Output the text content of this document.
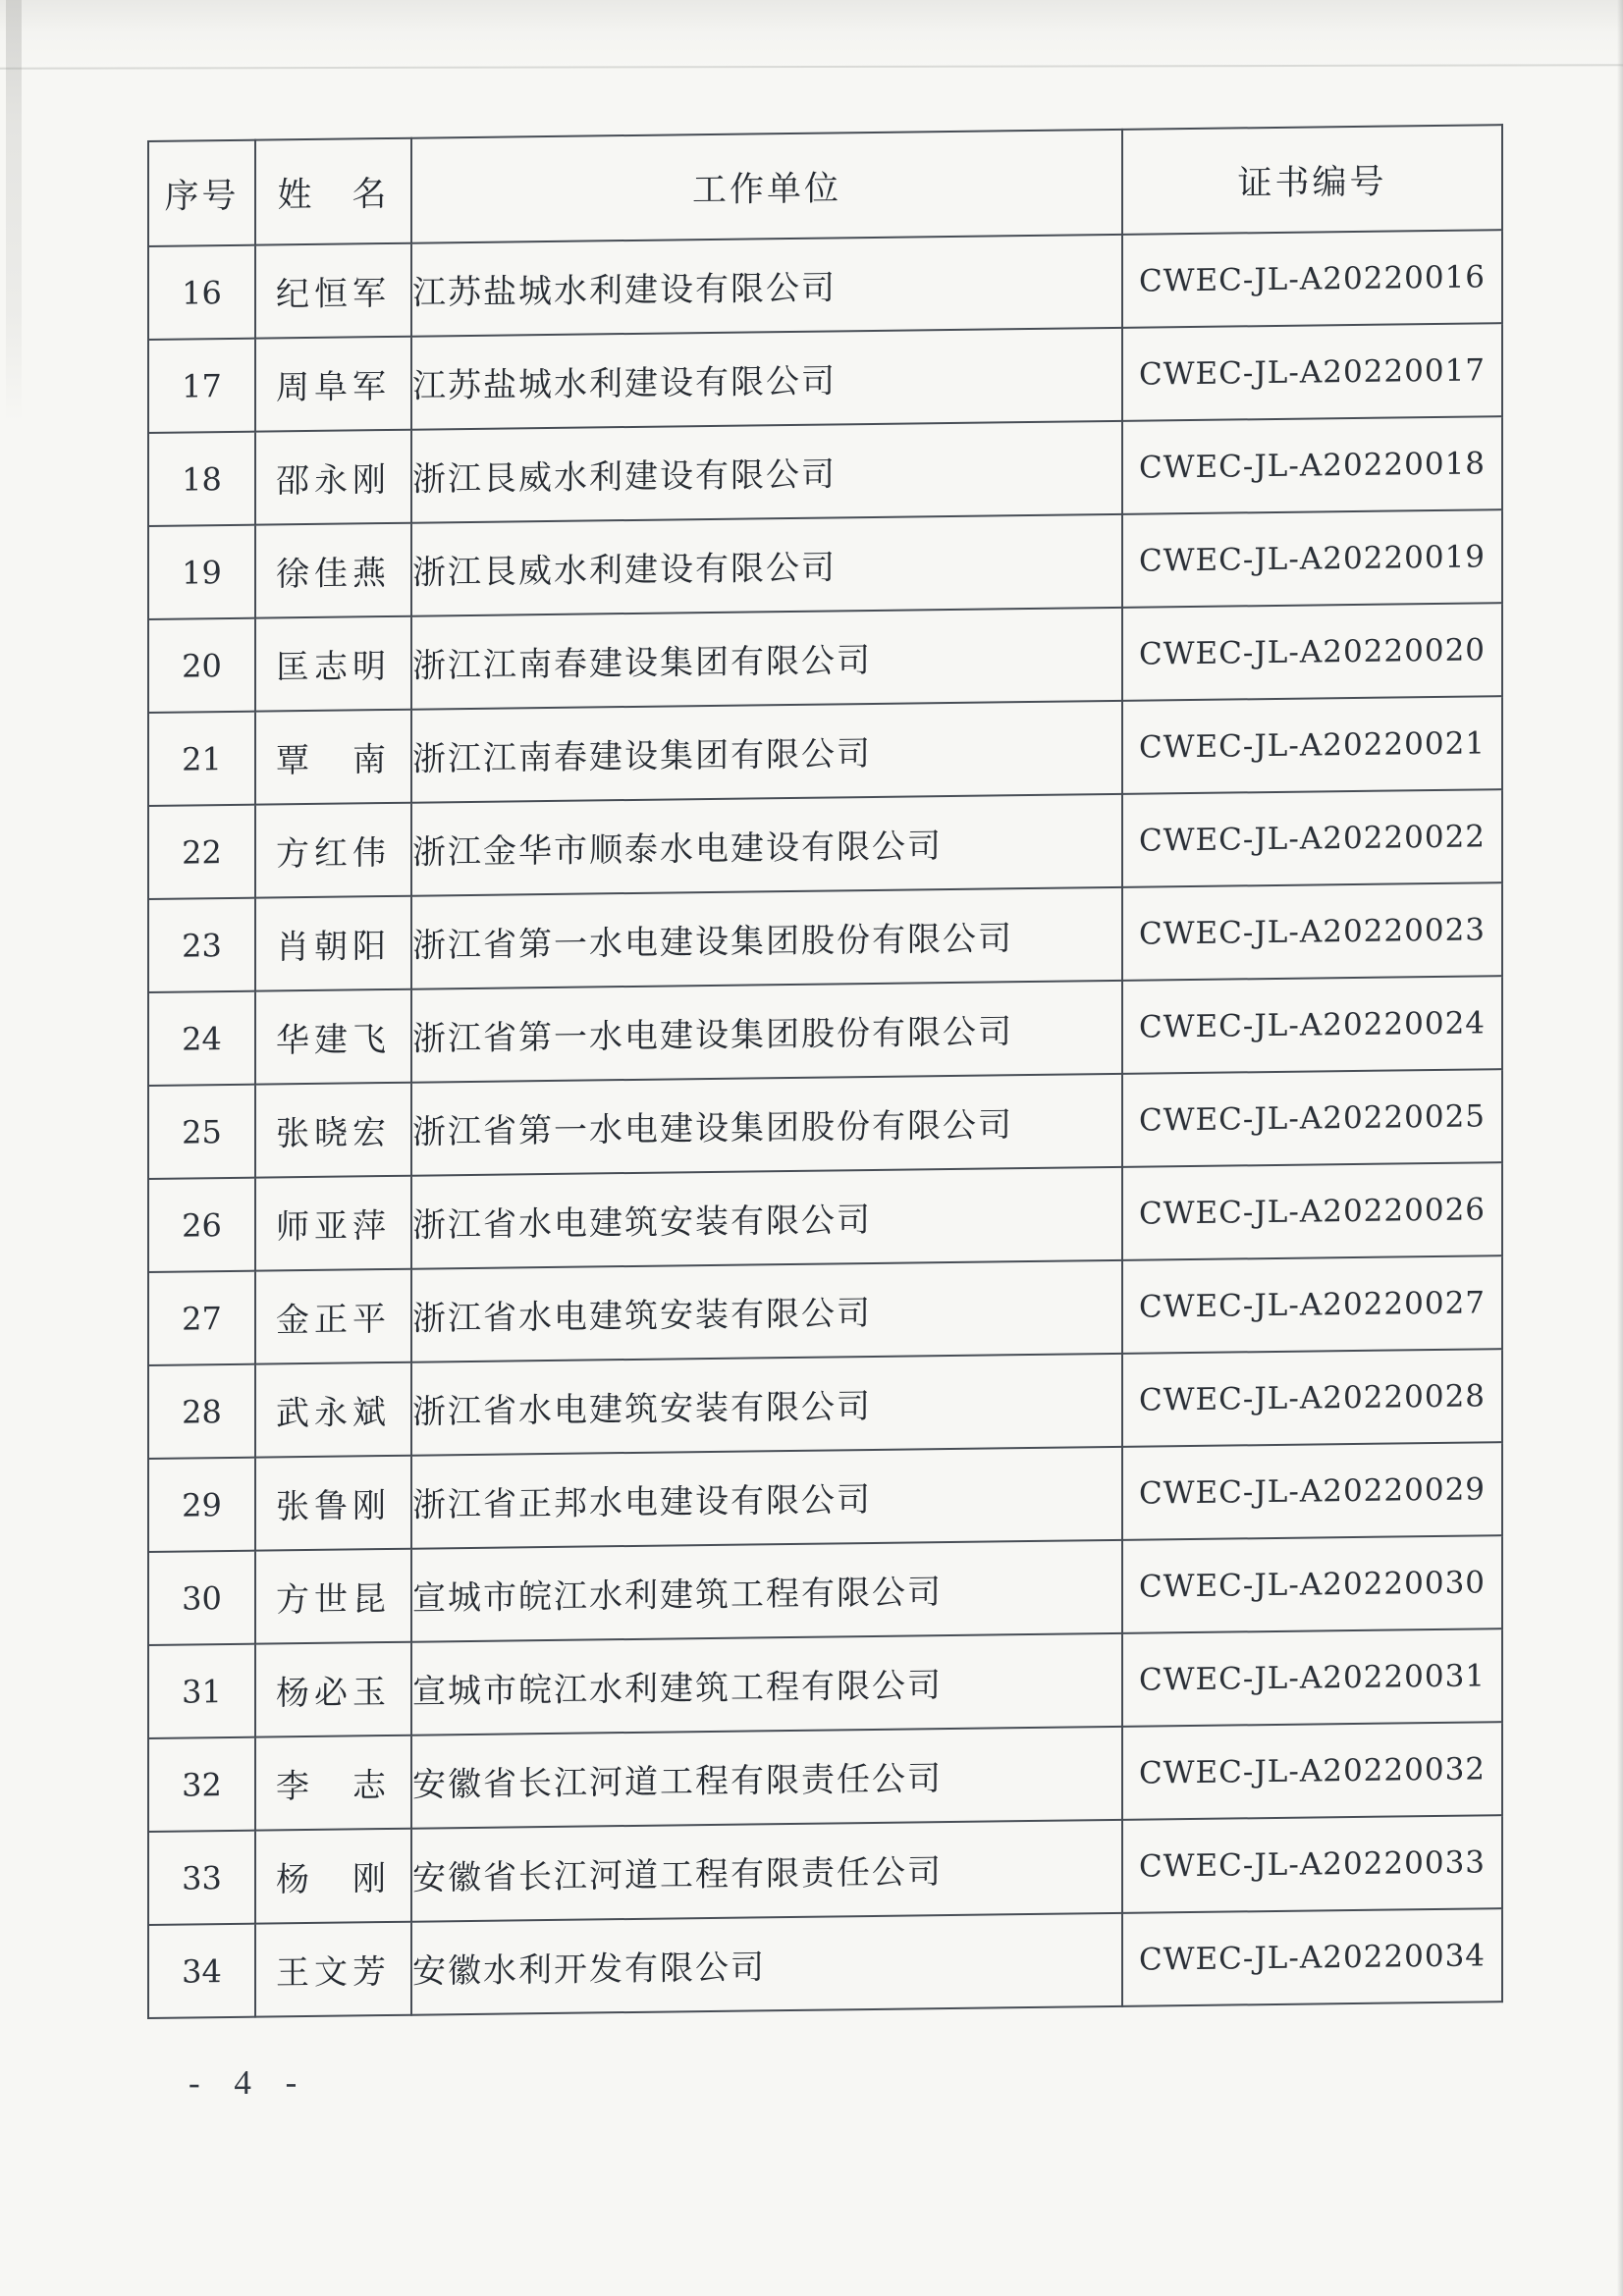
序号	姓　名	工作单位	证书编号
16	纪恒军	江苏盐城水利建设有限公司	CWEC-JL-A20220016
17	周阜军	江苏盐城水利建设有限公司	CWEC-JL-A20220017
18	邵永刚	浙江艮威水利建设有限公司	CWEC-JL-A20220018
19	徐佳燕	浙江艮威水利建设有限公司	CWEC-JL-A20220019
20	匡志明	浙江江南春建设集团有限公司	CWEC-JL-A20220020
21	覃　南	浙江江南春建设集团有限公司	CWEC-JL-A20220021
22	方红伟	浙江金华市顺泰水电建设有限公司	CWEC-JL-A20220022
23	肖朝阳	浙江省第一水电建设集团股份有限公司	CWEC-JL-A20220023
24	华建飞	浙江省第一水电建设集团股份有限公司	CWEC-JL-A20220024
25	张晓宏	浙江省第一水电建设集团股份有限公司	CWEC-JL-A20220025
26	师亚萍	浙江省水电建筑安装有限公司	CWEC-JL-A20220026
27	金正平	浙江省水电建筑安装有限公司	CWEC-JL-A20220027
28	武永斌	浙江省水电建筑安装有限公司	CWEC-JL-A20220028
29	张鲁刚	浙江省正邦水电建设有限公司	CWEC-JL-A20220029
30	方世昆	宣城市皖江水利建筑工程有限公司	CWEC-JL-A20220030
31	杨必玉	宣城市皖江水利建筑工程有限公司	CWEC-JL-A20220031
32	李　志	安徽省长江河道工程有限责任公司	CWEC-JL-A20220032
33	杨　刚	安徽省长江河道工程有限责任公司	CWEC-JL-A20220033
34	王文芳	安徽水利开发有限公司	CWEC-JL-A20220034
- 4 -
